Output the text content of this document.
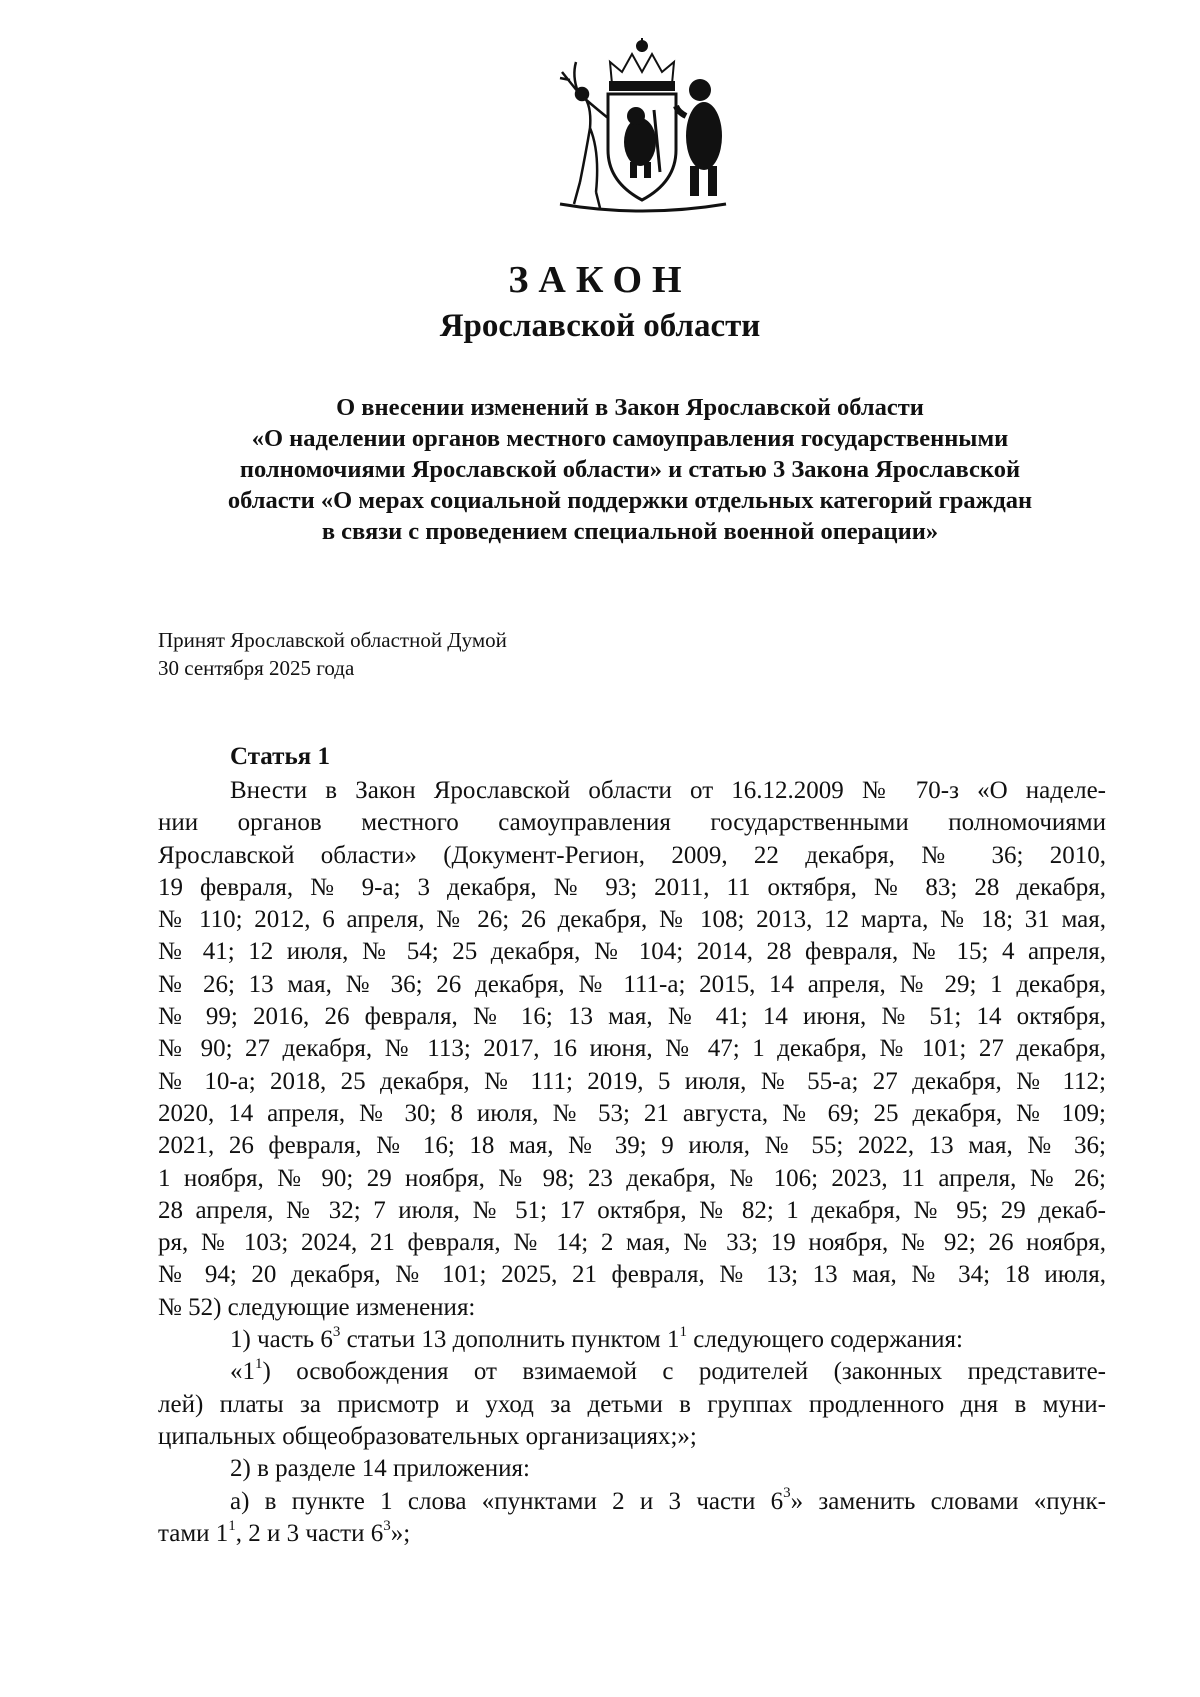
ЗАКОН
Ярославской области
О внесении изменений в Закон Ярославской области
«О наделении органов местного самоуправления государственными
полномочиями Ярославской области» и статью 3 Закона Ярославской
области «О мерах социальной поддержки отдельных категорий граждан
в связи с проведением специальной военной операции»
Принят Ярославской областной Думой
30 сентября 2025 года
Статья 1
Внести в Закон Ярославской области от 16.12.2009 № 70-з «О наделе-
нии органов местного самоуправления государственными полномочиями
Ярославской области» (Документ-Регион, 2009, 22 декабря, № 36; 2010,
19 февраля, № 9-а; 3 декабря, № 93; 2011, 11 октября, № 83; 28 декабря,
№ 110; 2012, 6 апреля, № 26; 26 декабря, № 108; 2013, 12 марта, № 18; 31 мая,
№ 41; 12 июля, № 54; 25 декабря, № 104; 2014, 28 февраля, № 15; 4 апреля,
№ 26; 13 мая, № 36; 26 декабря, № 111-а; 2015, 14 апреля, № 29; 1 декабря,
№ 99; 2016, 26 февраля, № 16; 13 мая, № 41; 14 июня, № 51; 14 октября,
№ 90; 27 декабря, № 113; 2017, 16 июня, № 47; 1 декабря, № 101; 27 декабря,
№ 10-а; 2018, 25 декабря, № 111; 2019, 5 июля, № 55-а; 27 декабря, № 112;
2020, 14 апреля, № 30; 8 июля, № 53; 21 августа, № 69; 25 декабря, № 109;
2021, 26 февраля, № 16; 18 мая, № 39; 9 июля, № 55; 2022, 13 мая, № 36;
1 ноября, № 90; 29 ноября, № 98; 23 декабря, № 106; 2023, 11 апреля, № 26;
28 апреля, № 32; 7 июля, № 51; 17 октября, № 82; 1 декабря, № 95; 29 декаб-
ря, № 103; 2024, 21 февраля, № 14; 2 мая, № 33; 19 ноября, № 92; 26 ноября,
№ 94; 20 декабря, № 101; 2025, 21 февраля, № 13; 13 мая, № 34; 18 июля,
№ 52) следующие изменения:
1) часть $6^3$ статьи 13 дополнить пунктом $1^1$ следующего содержания:
«$1^1$) освобождения от взимаемой с родителей (законных представите-
лей) платы за присмотр и уход за детьми в группах продленного дня в муни-
ципальных общеобразовательных организациях;»;
2) в разделе 14 приложения:
а) в пункте 1 слова «пунктами 2 и 3 части $6^3$» заменить словами «пунк-
тами $1^1$, 2 и 3 части $6^3$»;
